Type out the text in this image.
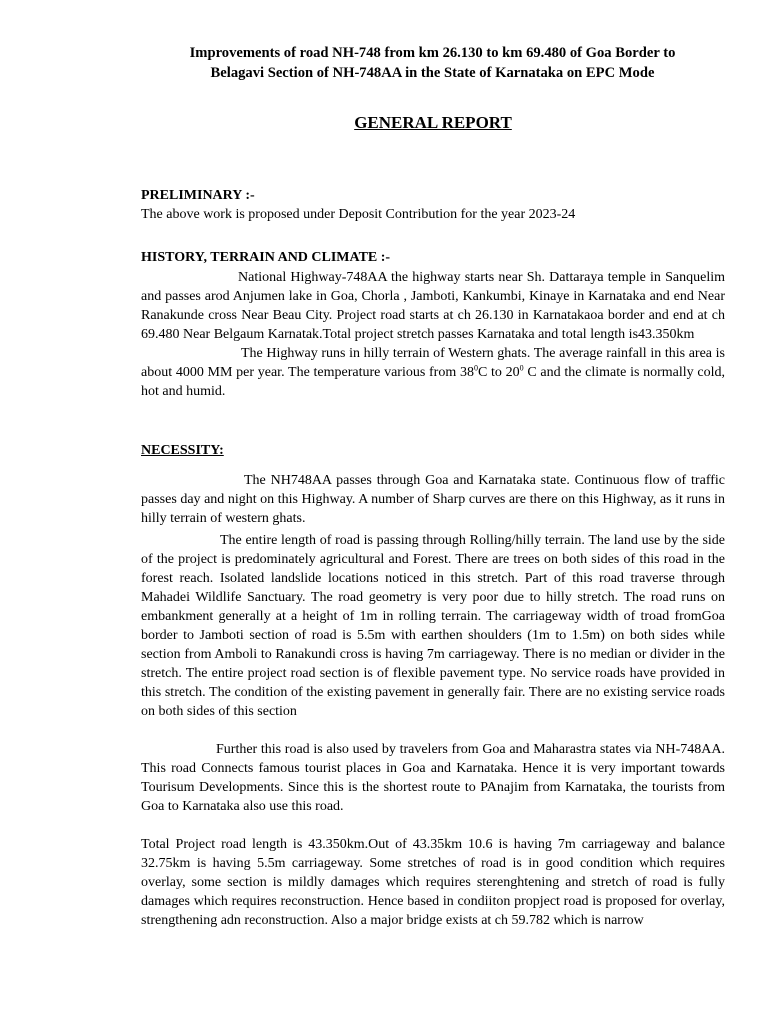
Improvements of road NH-748 from km 26.130 to km 69.480 of Goa Border to
Belagavi Section of NH-748AA in the State of Karnataka on EPC Mode
GENERAL REPORT
PRELIMINARY :-
The above work is proposed under Deposit Contribution for the year 2023-24
HISTORY, TERRAIN AND CLIMATE :-
National Highway-748AA the highway starts near Sh. Dattaraya temple in Sanquelim and passes arod Anjumen lake in Goa, Chorla , Jamboti, Kankumbi, Kinaye in Karnataka and end Near Ranakunde cross Near Beau City. Project road starts at ch 26.130 in Karnatakaoa border and end at ch 69.480 Near Belgaum Karnatak.Total project stretch passes Karnataka and total length is43.350km
The Highway runs in hilly terrain of Western ghats. The average rainfall in this area is about 4000 MM per year. The temperature various from $38^0C$ to $20^0$ C and the climate is normally cold, hot and humid.
NECESSITY:
The NH748AA passes through Goa and Karnataka state. Continuous flow of traffic passes day and night on this Highway. A number of Sharp curves are there on this Highway, as it runs in hilly terrain of western ghats.
The entire length of road is passing through Rolling/hilly terrain. The land use by the side of the project is predominately agricultural and Forest. There are trees on both sides of this road in the forest reach. Isolated landslide locations noticed in this stretch. Part of this road traverse through Mahadei Wildlife Sanctuary. The road geometry is very poor due to hilly stretch. The road runs on embankment generally at a height of 1m in rolling terrain. The carriageway width of troad fromGoa border to Jamboti section of road is 5.5m with earthen shoulders (1m to 1.5m) on both sides while section from Amboli to Ranakundi cross is having 7m carriageway. There is no median or divider in the stretch. The entire project road section is of flexible pavement type. No service roads have provided in this stretch. The condition of the existing pavement in generally fair. There are no existing service roads on both sides of this section
Further this road is also used by travelers from Goa and Maharastra states via NH-748AA. This road Connects famous tourist places in Goa and Karnataka. Hence it is very important towards Tourisum Developments. Since this is the shortest route to PAnajim from Karnataka, the tourists from Goa to Karnataka also use this road.
Total Project road length is 43.350km.Out of 43.35km 10.6 is having 7m carriageway and balance 32.75km is having 5.5m carriageway. Some stretches of road is in good condition which requires overlay, some section is mildly damages which requires sterenghtening and stretch of road is fully damages which requires reconstruction. Hence based in condiiton propject road is proposed for overlay, strengthening adn reconstruction. Also a major bridge exists at ch 59.782 which is narrow
